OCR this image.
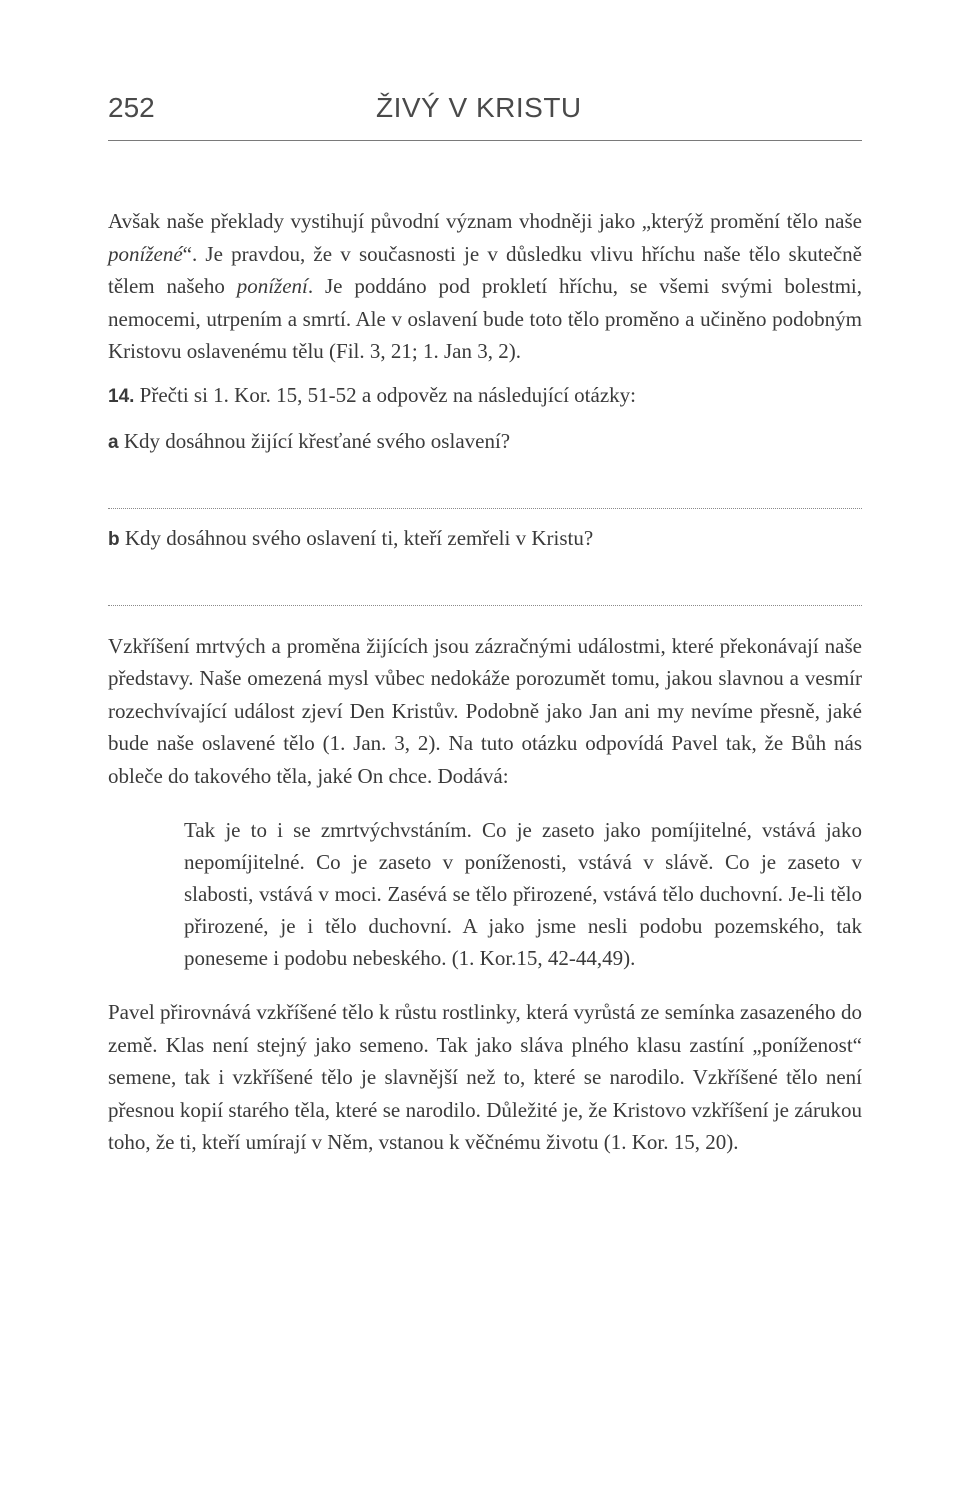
252	ŽIVÝ V KRISTU

Avšak naše překlady vystihují původní význam vhodněji jako „kterýž promění tělo naše ponížené“. Je pravdou, že v současnosti je v důsledku vlivu hříchu naše tělo skutečně tělem našeho ponížení. Je poddáno pod prokletí hříchu, se všemi svými bolestmi, nemocemi, utrpením a smrtí. Ale v oslavení bude toto tělo proměno a učiněno podobným Kristovu oslavenému tělu (Fil. 3, 21; 1. Jan 3, 2).

14. Přečti si 1. Kor. 15, 51-52 a odpověz na následující otázky:

a Kdy dosáhnou žijící křesťané svého oslavení?

b Kdy dosáhnou svého oslavení ti, kteří zemřeli v Kristu?

Vzkříšení mrtvých a proměna žijících jsou zázračnými událostmi, které překonávají naše představy. Naše omezená mysl vůbec nedokáže porozumět tomu, jakou slavnou a vesmír rozechvívající událost zjeví Den Kristův. Podobně jako Jan ani my nevíme přesně, jaké bude naše oslavené tělo (1. Jan. 3, 2). Na tuto otázku odpovídá Pavel tak, že Bůh nás obleče do takového těla, jaké On chce. Dodává:

Tak je to i se zmrtvýchvstáním. Co je zaseto jako pomíjitelné, vstává jako nepomíjitelné. Co je zaseto v poníženosti, vstává v slávě. Co je zaseto v slabosti, vstává v moci. Zasévá se tělo přirozené, vstává tělo duchovní. Je-li tělo přirozené, je i tělo duchovní. A jako jsme nesli podobu pozemského, tak poneseme i podobu nebeského. (1. Kor.15, 42-44,49).

Pavel přirovnává vzkříšené tělo k růstu rostlinky, která vyrůstá ze semínka zasazeného do země. Klas není stejný jako semeno. Tak jako sláva plného klasu zastíní „poníženost“ semene, tak i vzkříšené tělo je slavnější než to, které se narodilo. Vzkříšené tělo není přesnou kopií starého těla, které se narodilo. Důležité je, že Kristovo vzkříšení je zárukou toho, že ti, kteří umírají v Něm, vstanou k věčnému životu (1. Kor. 15, 20).
